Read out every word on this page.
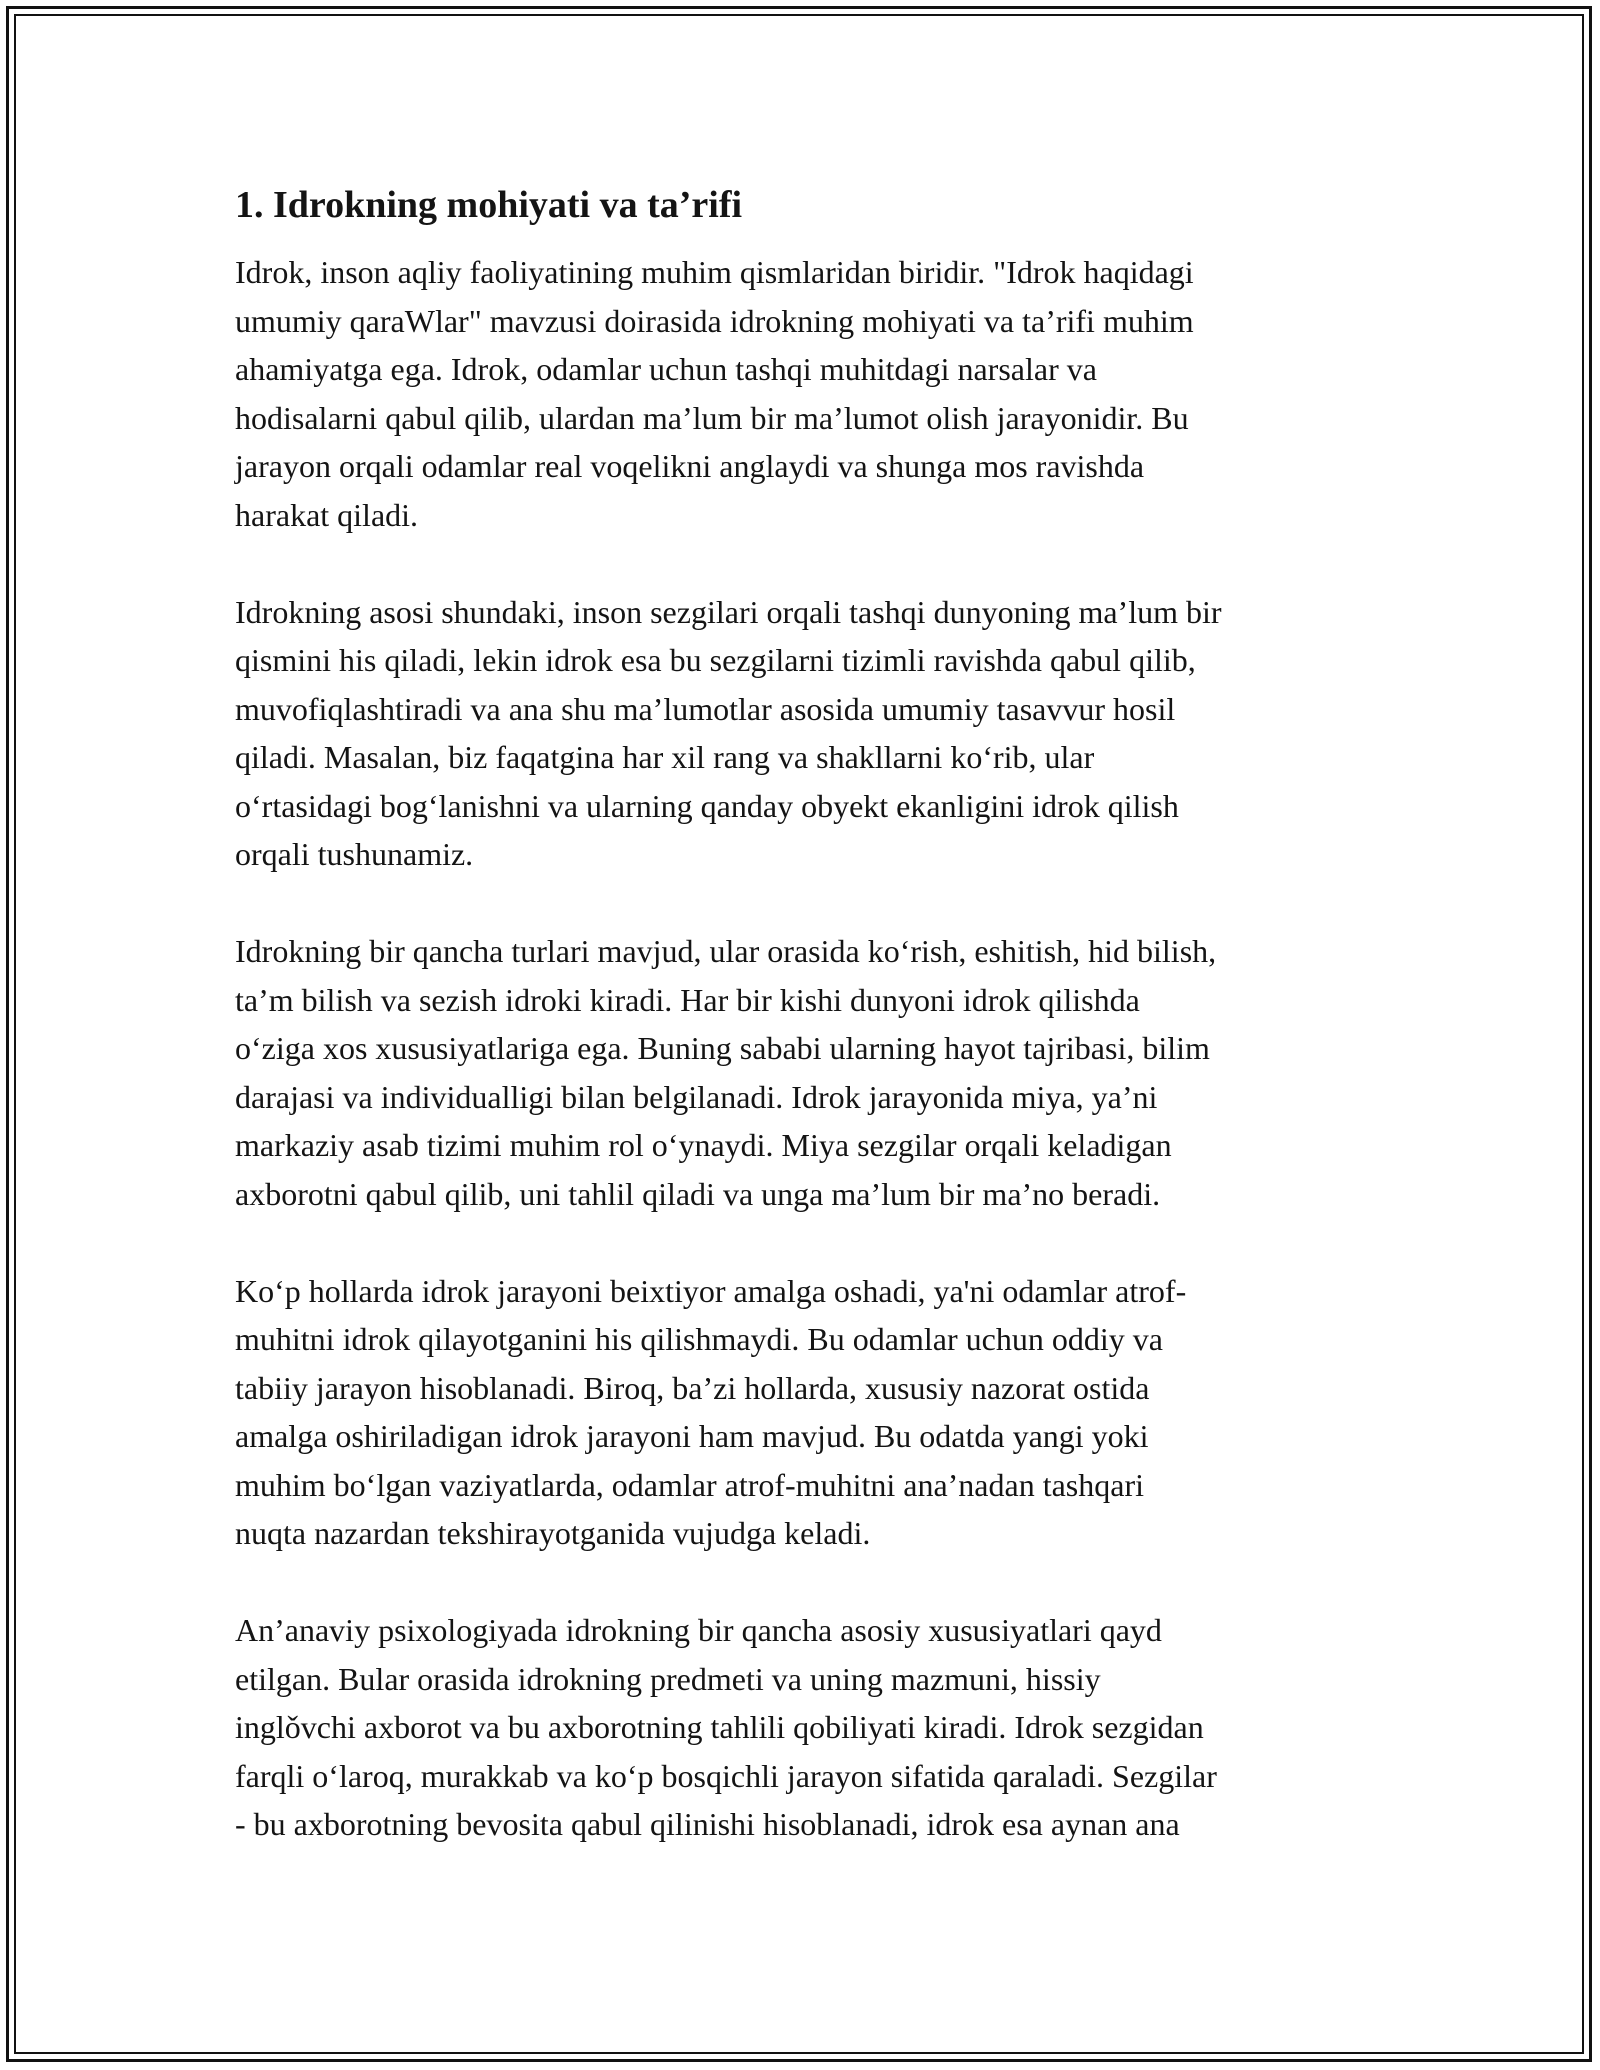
1. Idrokning mohiyati va ta’rifi

Idrok, inson aqliy faoliyatining muhim qismlaridan biridir. "Idrok haqidagi
umumiy qaraWlar" mavzusi doirasida idrokning mohiyati va ta’rifi muhim
ahamiyatga ega. Idrok, odamlar uchun tashqi muhitdagi narsalar va
hodisalarni qabul qilib, ulardan ma’lum bir ma’lumot olish jarayonidir. Bu
jarayon orqali odamlar real voqelikni anglaydi va shunga mos ravishda
harakat qiladi.

Idrokning asosi shundaki, inson sezgilari orqali tashqi dunyoning ma’lum bir
qismini his qiladi, lekin idrok esa bu sezgilarni tizimli ravishda qabul qilib,
muvofiqlashtiradi va ana shu ma’lumotlar asosida umumiy tasavvur hosil
qiladi. Masalan, biz faqatgina har xil rang va shakllarni ko‘rib, ular
o‘rtasidagi bog‘lanishni va ularning qanday obyekt ekanligini idrok qilish
orqali tushunamiz.

Idrokning bir qancha turlari mavjud, ular orasida ko‘rish, eshitish, hid bilish,
ta’m bilish va sezish idroki kiradi. Har bir kishi dunyoni idrok qilishda
o‘ziga xos xususiyatlariga ega. Buning sababi ularning hayot tajribasi, bilim
darajasi va individualligi bilan belgilanadi. Idrok jarayonida miya, ya’ni
markaziy asab tizimi muhim rol o‘ynaydi. Miya sezgilar orqali keladigan
axborotni qabul qilib, uni tahlil qiladi va unga ma’lum bir ma’no beradi.

Ko‘p hollarda idrok jarayoni beixtiyor amalga oshadi, ya'ni odamlar atrof-
muhitni idrok qilayotganini his qilishmaydi. Bu odamlar uchun oddiy va
tabiiy jarayon hisoblanadi. Biroq, ba’zi hollarda, xususiy nazorat ostida
amalga oshiriladigan idrok jarayoni ham mavjud. Bu odatda yangi yoki
muhim bo‘lgan vaziyatlarda, odamlar atrof-muhitni ana’nadan tashqari
nuqta nazardan tekshirayotganida vujudga keladi.

An’anaviy psixologiyada idrokning bir qancha asosiy xususiyatlari qayd
etilgan. Bular orasida idrokning predmeti va uning mazmuni, hissiy
inglǒvchi axborot va bu axborotning tahlili qobiliyati kiradi. Idrok sezgidan
farqli o‘laroq, murakkab va ko‘p bosqichli jarayon sifatida qaraladi. Sezgilar
- bu axborotning bevosita qabul qilinishi hisoblanadi, idrok esa aynan ana
